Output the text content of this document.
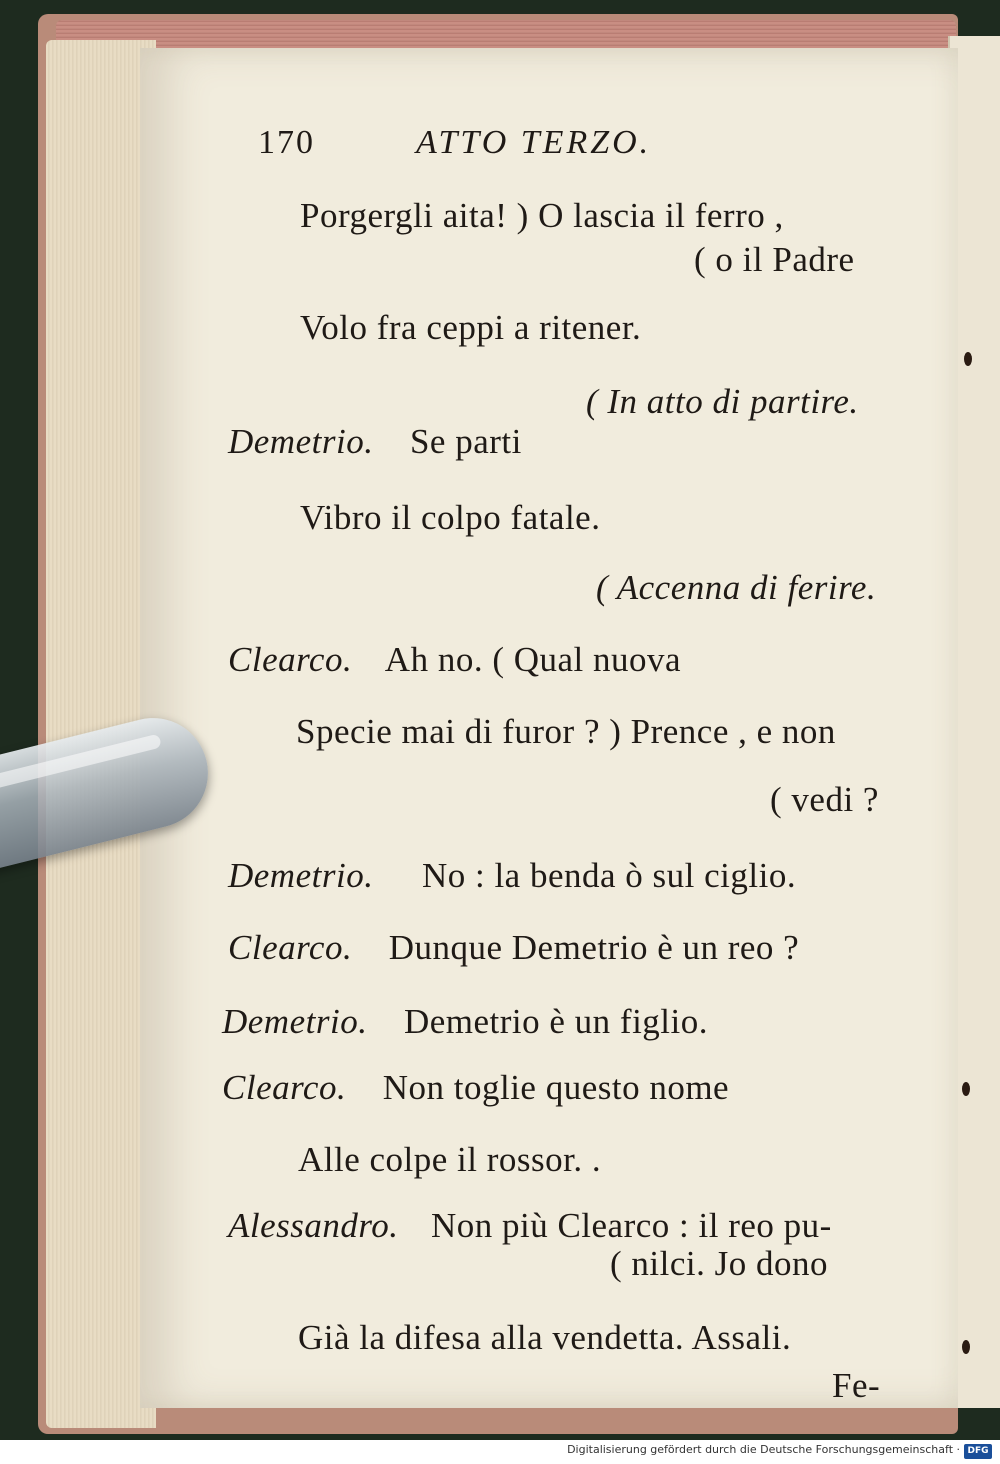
170	ATTO TERZO.
Porgergli aita! ) O lascia il ferro ,
( o il Padre
Volo fra ceppi a ritener.
( In atto di partire.
Demetrio. Se parti
Vibro il colpo fatale.
( Accenna di ferire.
Clearco. Ah no. ( Qual nuova
Specie mai di furor ? ) Prence , e non
( vedi ?
Demetrio. No : la benda ò sul ciglio.
Clearco. Dunque Demetrio è un reo ?
Demetrio. Demetrio è un figlio.
Clearco. Non toglie questo nome
Alle colpe il rossor. .
Alessandro. Non più Clearco : il reo pu-
( nilci. Jo dono
Già la difesa alla vendetta. Assali.
Fe-
Digitalisierung gefördert durch die Deutsche Forschungsgemeinschaft · DFG
